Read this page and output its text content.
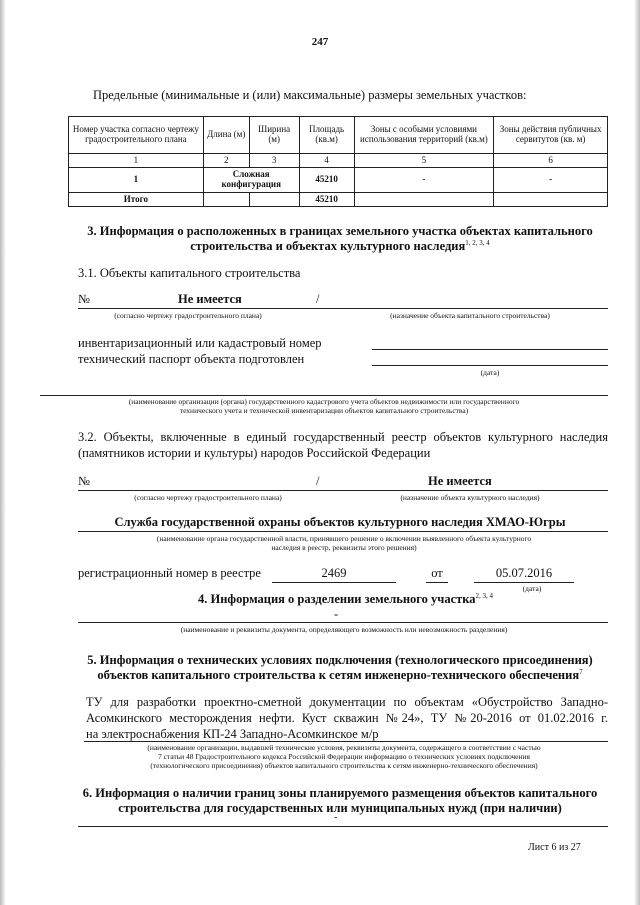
247
Предельные (минимальные и (или) максимальные) размеры земельных участков:
Номер участка согласно чертежу градостроительного плана	Длина (м)	Ширина (м)	Площадь (кв.м)	Зоны с особыми условиями использования территорий (кв.м)	Зоны действия публичных сервитутов (кв. м)
1	2	3	4	5	6
1	Сложная конфигурация		45210	-	-
Итого			45210		
3. Информация о расположенных в границах земельного участка объектах капитального
строительства и объектах культурного наследия$^{1, 2, 3, 4}$
3.1. Объекты капитального строительства
№	Не имеется	/
(согласно чертежу градостроительного плана)	(назначение объекта капитального строительства)
инвентаризационный или кадастровый номер
технический паспорт объекта подготовлен
(дата)
(наименование организации (органа) государственного кадастрового учета объектов недвижимости или государственного
технического учета и технической инвентаризации объектов капитального строительства)
3.2. Объекты, включенные в единый государственный реестр объектов культурного наследия
(памятников истории и культуры) народов Российской Федерации
№	/	Не имеется
(согласно чертежу градостроительного плана)	(назначение объекта культурного наследия)
Служба государственной охраны объектов культурного наследия ХМАО-Югры
(наименование органа государственной власти, принявшего решение о включении выявленного объекта культурного
наследия в реестр, реквизиты этого решения)
регистрационный номер в реестре	2469	от	05.07.2016
(дата)
4. Информация о разделении земельного участка$^{2, 3, 4}$
-
(наименование и реквизиты документа, определяющего возможность или невозможность разделения)
5. Информация о технических условиях подключения (технологического присоединения)
объектов капитального строительства к сетям инженерно-технического обеспечения$^7$
ТУ для разработки проектно-сметной документации по объектам «Обустройство Западно-
Асомкинского месторождения нефти. Куст скважин №24», ТУ №20-2016 от 01.02.2016 г.
на электроснабжения КП-24 Западно-Асомкинское м/р
(наименование организации, выдавшей технические условия, реквизиты документа, содержащего в соответствии с частью
7 статьи 48 Градостроительного кодекса Российской Федерации информацию о технических условиях подключения
(технологического присоединения) объектов капитального строительства к сетям инженерно-технического обеспечения)
6. Информация о наличии границ зоны планируемого размещения объектов капитального
строительства для государственных или муниципальных нужд (при наличии)
-
Лист 6 из 27
